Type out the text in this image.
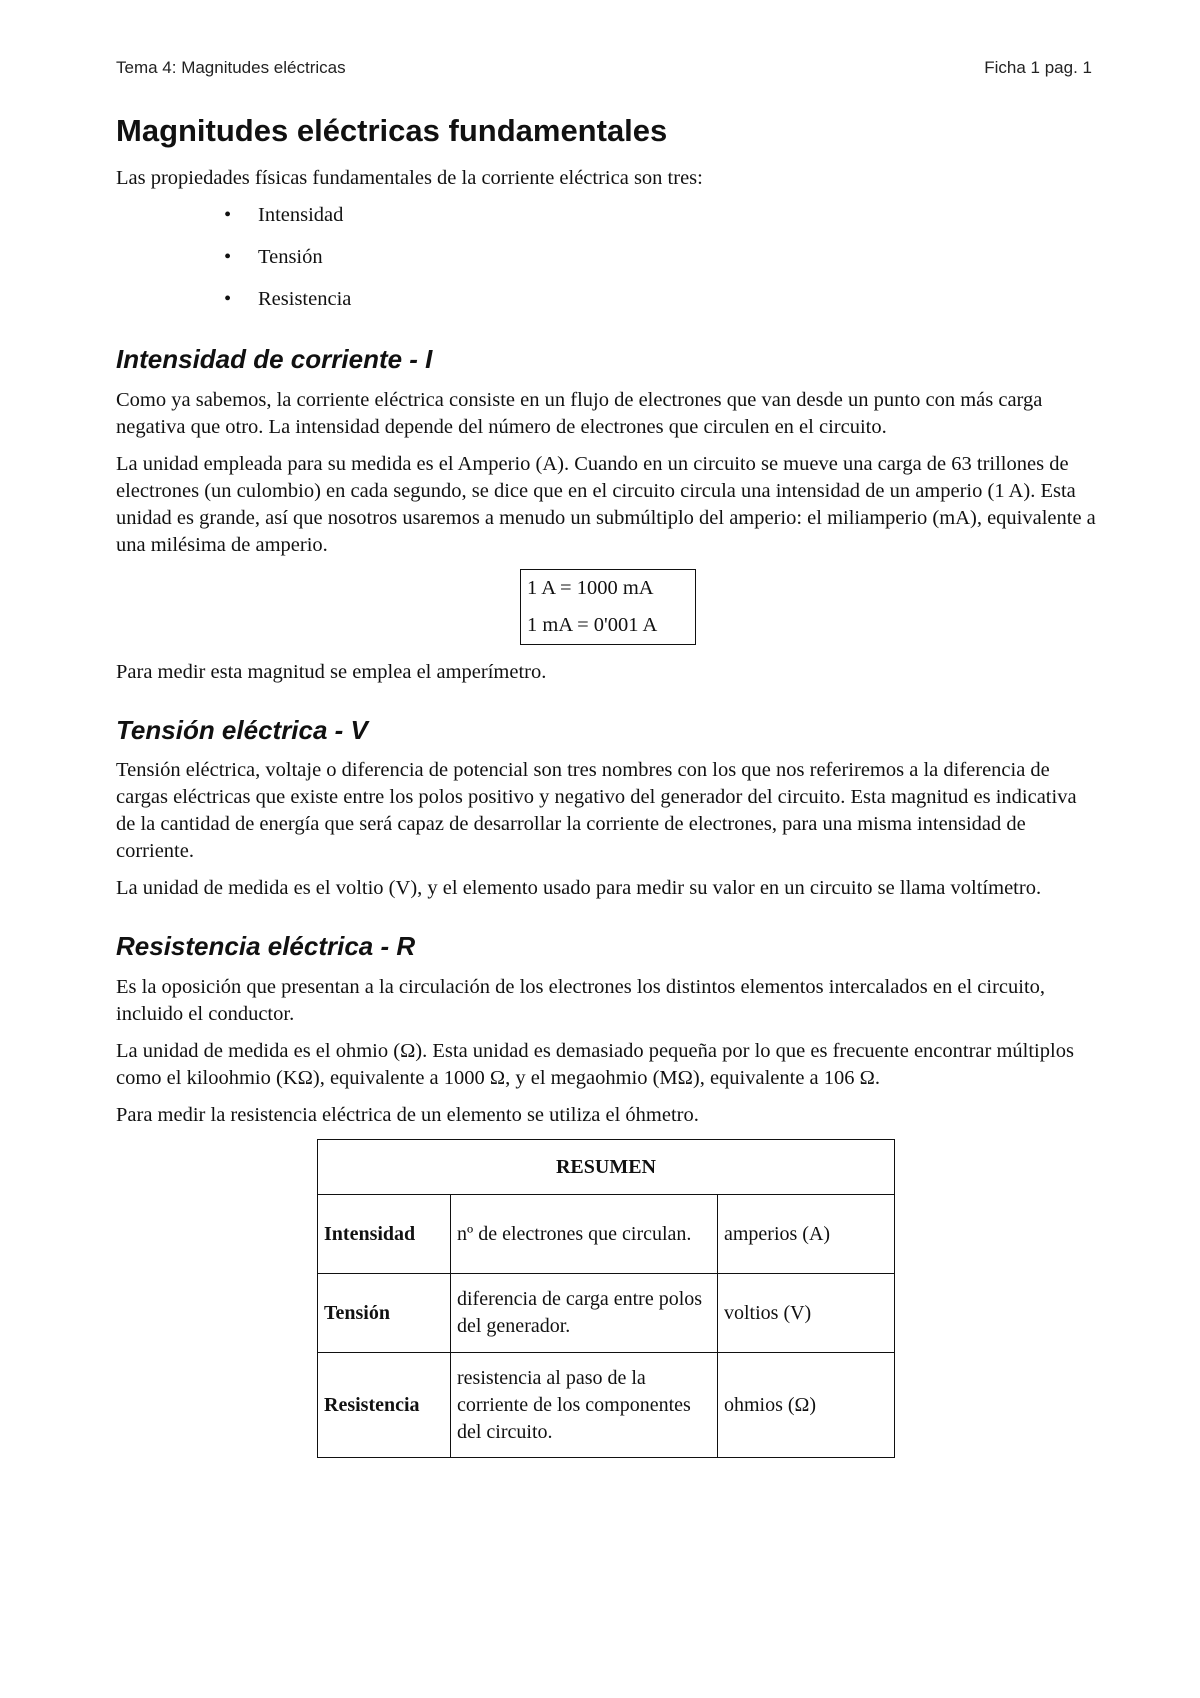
Tema 4: Magnitudes eléctricas	Ficha 1 pag. 1
Magnitudes eléctricas fundamentales

Las propiedades físicas fundamentales de la corriente eléctrica son tres:

• Intensidad
• Tensión
• Resistencia
Intensidad de corriente - I

Como ya sabemos, la corriente eléctrica consiste en un flujo de electrones que van desde un punto con más carga negativa que otro. La intensidad depende del número de electrones que circulen en el circuito.

La unidad empleada para su medida es el Amperio (A). Cuando en un circuito se mueve una carga de 63 trillones de electrones (un culombio) en cada segundo, se dice que en el circuito circula una intensidad de un amperio (1 A). Esta unidad es grande, así que nosotros usaremos a menudo un submúltiplo del amperio: el miliamperio (mA), equivalente a una milésima de amperio.

1 A = 1000 mA
1 mA = 0'001 A

Para medir esta magnitud se emplea el amperímetro.

Tensión eléctrica - V

Tensión eléctrica, voltaje o diferencia de potencial son tres nombres con los que nos referiremos a la diferencia de cargas eléctricas que existe entre los polos positivo y negativo del generador del circuito. Esta magnitud es indicativa de la cantidad de energía que será capaz de desarrollar la corriente de electrones, para una misma intensidad de corriente.

La unidad de medida es el voltio (V), y el elemento usado para medir su valor en un circuito se llama voltímetro.

Resistencia eléctrica - R

Es la oposición que presentan a la circulación de los electrones los distintos elementos intercalados en el circuito, incluido el conductor.

La unidad de medida es el ohmio (Ω). Esta unidad es demasiado pequeña por lo que es frecuente encontrar múltiplos como el kiloohmio (KΩ), equivalente a 1000 Ω, y el megaohmio (MΩ), equivalente a 106 Ω.

Para medir la resistencia eléctrica de un elemento se utiliza el óhmetro.

RESUMEN		
Intensidad	nº de electrones que circulan.	amperios (A)
Tensión	diferencia de carga entre polos del generador.	voltios (V)
Resistencia	resistencia al paso de la corriente de los componentes del circuito.	ohmios (Ω)
